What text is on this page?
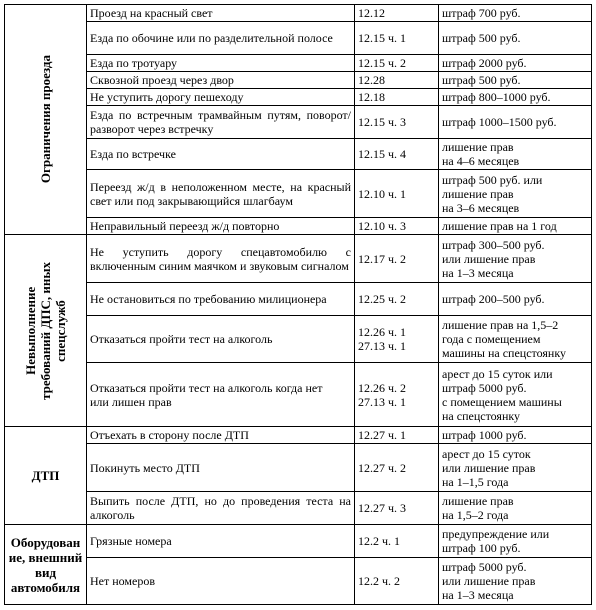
Ограничения проезда	Проезд на красный свет	12.12	штраф 700 руб.
	Езда по обочине или по разделительной полосе	12.15 ч. 1	штраф 500 руб.
	Езда по тротуару	12.15 ч. 2	штраф 2000 руб.
	Сквозной проезд через двор	12.28	штраф 500 руб.
	Не уступить дорогу пешеходу	12.18	штраф 800–1000 руб.
	Езда по встречным трамвайным путям, поворот/разворот через встречку	12.15 ч. 3	штраф 1000–1500 руб.
	Езда по встречке	12.15 ч. 4	лишение прав
на 4–6 месяцев
	Переезд ж/д в неположенном месте, на красный свет или под закрывающийся шлагбаум	12.10 ч. 1	штраф 500 руб. или
лишение прав
на 3–6 месяцев
	Неправильный переезд ж/д повторно	12.10 ч. 3	лишение прав на 1 год

Невыполнение
требований ДПС, иных
спецслужб	Не уступить дорогу спецавтомобилю с включенным синим маячком и звуковым сигналом	12.17 ч. 2	штраф 300–500 руб.
или лишение прав
на 1–3 месяца
	Не остановиться по требованию милиционера	12.25 ч. 2	штраф 200–500 руб.
	Отказаться пройти тест на алкоголь	12.26 ч. 1
27.13 ч. 1	лишение прав на 1,5–2
года с помещением
машины на спецстоянку
	Отказаться пройти тест на алкоголь когда нет
или лишен прав	12.26 ч. 2
27.13 ч. 1	арест до 15 суток или
штраф 5000 руб.
с помещением машины
на спецстоянку

ДТП	Отъехать в сторону после ДТП	12.27 ч. 1	штраф 1000 руб.
	Покинуть место ДТП	12.27 ч. 2	арест до 15 суток
или лишение прав
на 1–1,5 года
	Выпить после ДТП, но до проведения теста на алкоголь	12.27 ч. 3	лишение прав
на 1,5–2 года

Оборудован
ие, внешний
вид
автомобиля	Грязные номера	12.2 ч. 1	предупреждение или
штраф 100 руб.
	Нет номеров	12.2 ч. 2	штраф 5000 руб.
или лишение прав
на 1–3 месяца
